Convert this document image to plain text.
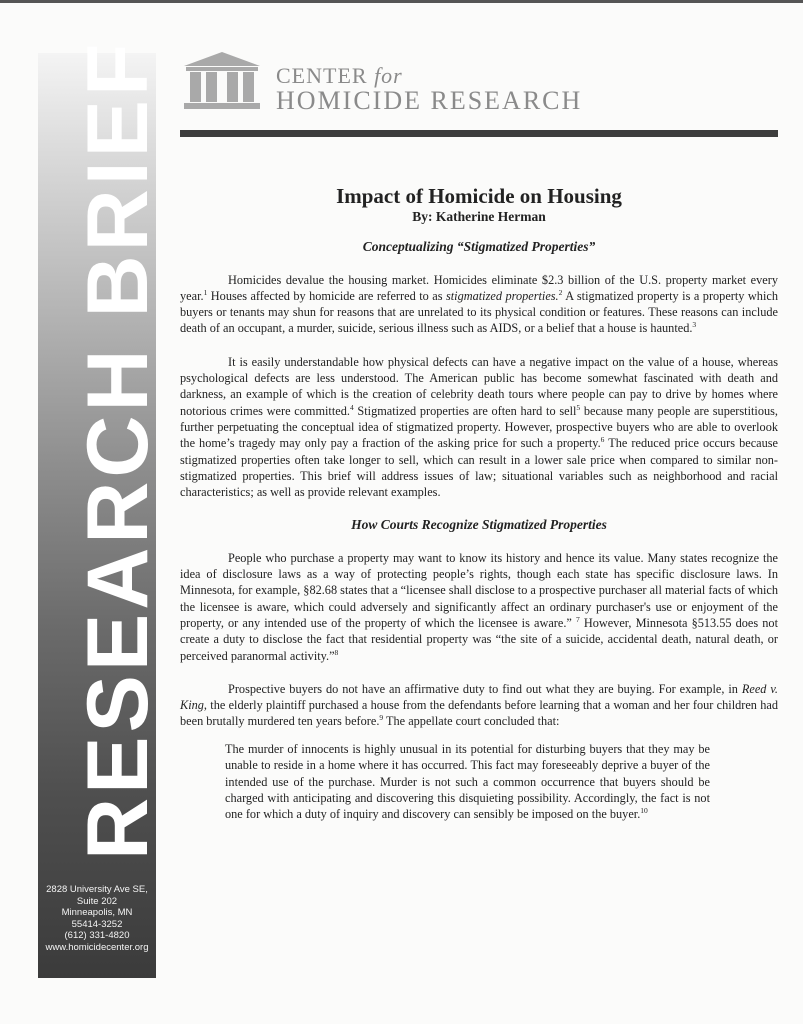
RESEARCH BRIEF
2828 University Ave SE,
Suite 202
Minneapolis, MN
55414-3252
(612) 331-4820
www.homicidecenter.org
CENTER for
HOMICIDE RESEARCH
Impact of Homicide on Housing
By: Katherine Herman
Conceptualizing “Stigmatized Properties”

Homicides devalue the housing market. Homicides eliminate $2.3 billion of the U.S. property market every year.$^1$ Houses affected by homicide are referred to as stigmatized properties.$^2$ A stigmatized property is a property which buyers or tenants may shun for reasons that are unrelated to its physical condition or features. These reasons can include death of an occupant, a murder, suicide, serious illness such as AIDS, or a belief that a house is haunted.$^3$

It is easily understandable how physical defects can have a negative impact on the value of a house, whereas psychological defects are less understood. The American public has become somewhat fascinated with death and darkness, an example of which is the creation of celebrity death tours where people can pay to drive by homes where notorious crimes were committed.$^4$ Stigmatized properties are often hard to sell$^5$ because many people are superstitious, further perpetuating the conceptual idea of stigmatized property. However, prospective buyers who are able to overlook the home’s tragedy may only pay a fraction of the asking price for such a property.$^6$ The reduced price occurs because stigmatized properties often take longer to sell, which can result in a lower sale price when compared to similar non-stigmatized properties. This brief will address issues of law; situational variables such as neighborhood and racial characteristics; as well as provide relevant examples.

How Courts Recognize Stigmatized Properties

People who purchase a property may want to know its history and hence its value. Many states recognize the idea of disclosure laws as a way of protecting people’s rights, though each state has specific disclosure laws. In Minnesota, for example, §82.68 states that a “licensee shall disclose to a prospective purchaser all material facts of which the licensee is aware, which could adversely and significantly affect an ordinary purchaser's use or enjoyment of the property, or any intended use of the property of which the licensee is aware.” $^7$ However, Minnesota §513.55 does not create a duty to disclose the fact that residential property was “the site of a suicide, accidental death, natural death, or perceived paranormal activity.”$^8$

Prospective buyers do not have an affirmative duty to find out what they are buying. For example, in Reed v. King, the elderly plaintiff purchased a house from the defendants before learning that a woman and her four children had been brutally murdered ten years before.$^9$ The appellate court concluded that:

The murder of innocents is highly unusual in its potential for disturbing buyers that they may be unable to reside in a home where it has occurred. This fact may foreseeably deprive a buyer of the intended use of the purchase. Murder is not such a common occurrence that buyers should be charged with anticipating and discovering this disquieting possibility. Accordingly, the fact is not one for which a duty of inquiry and discovery can sensibly be imposed on the buyer.$^{10}$
